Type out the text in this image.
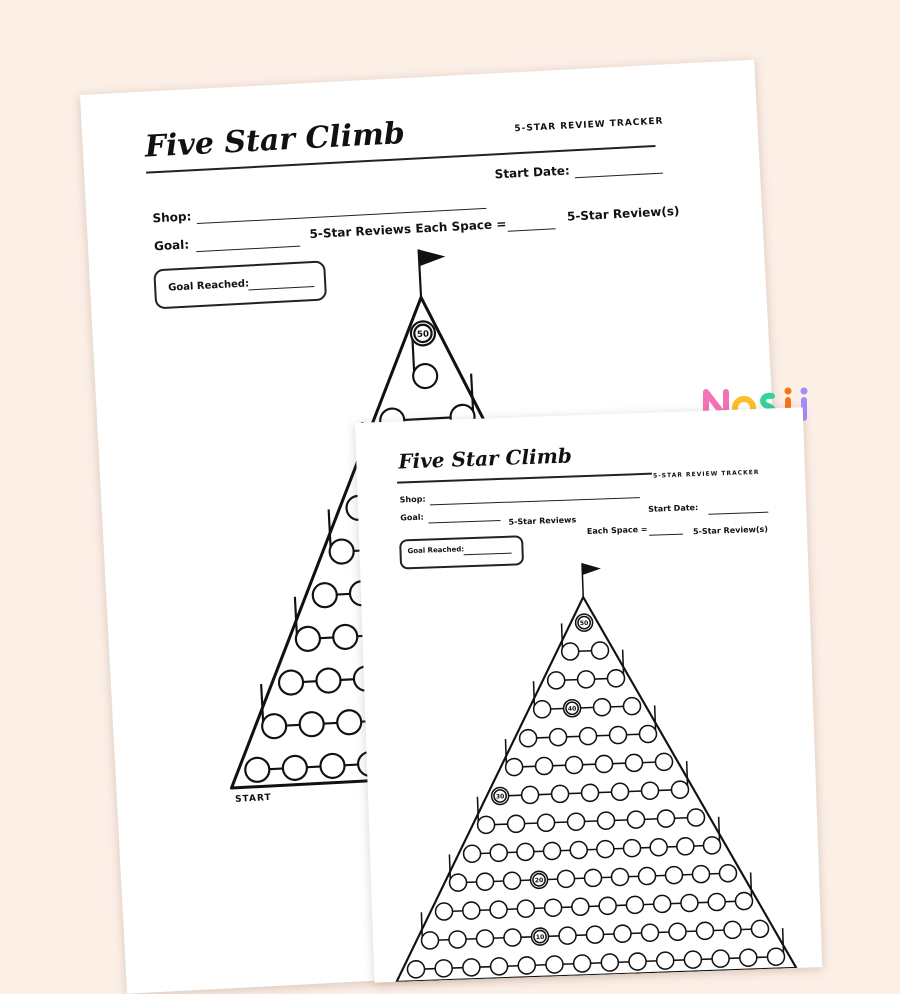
Five Star Climb	5-STAR REVIEW TRACKER
Start Date:
Shop:
Goal:
5-Star Reviews Each Space =
5-Star Review(s)
Goal Reached:
START
50
Five Star Climb
5-STAR REVIEW TRACKER
Shop:
Goal:	5-Star Reviews
Start Date:
Each Space =	5-Star Review(s)
Goal Reached:
10
20
30
40
50
